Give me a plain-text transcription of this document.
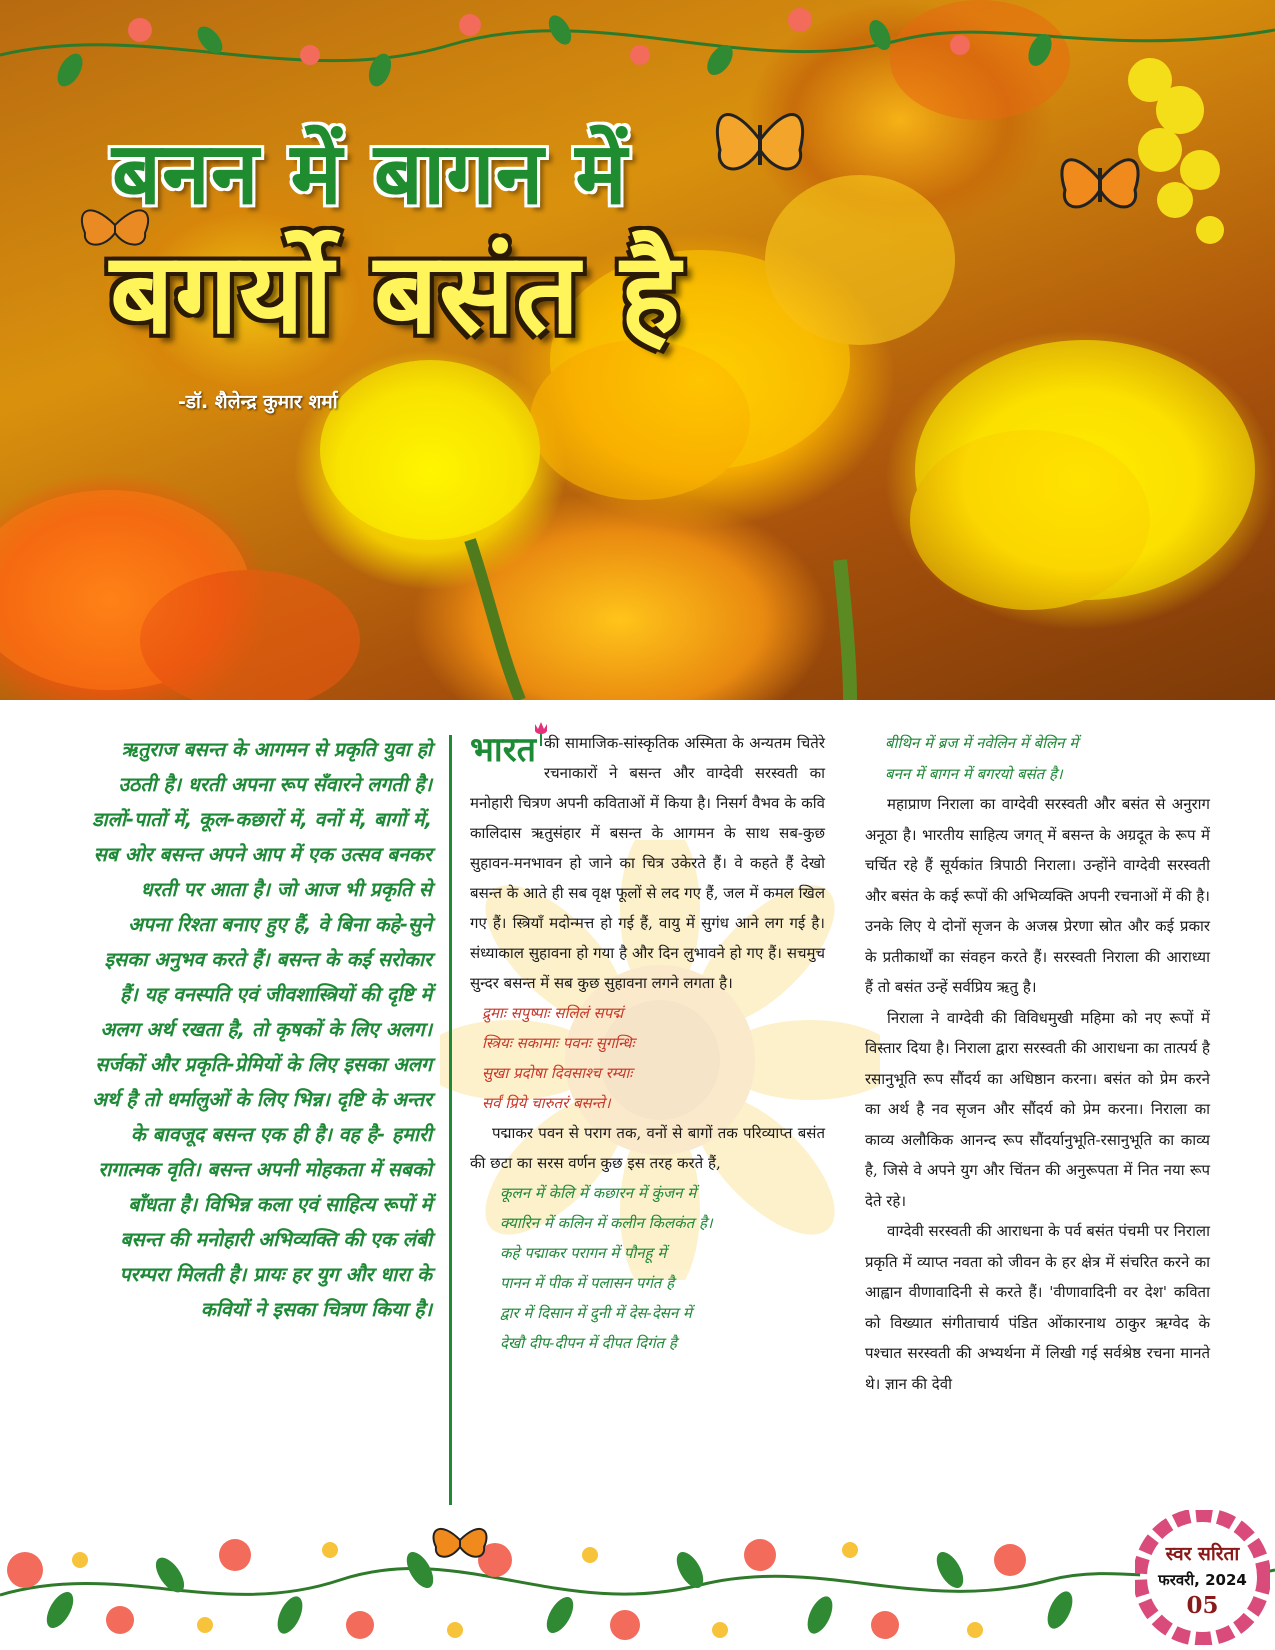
बनन में बागन में
बगर्यो बसंत है
-डॉ. शैलेन्द्र कुमार शर्मा
ऋतुराज बसन्त के आगमन से प्रकृति युवा हो उठती है। धरती अपना रूप सँवारने लगती है। डालों-पातों में, कूल-कछारों में, वनों में, बागों में, सब ओर बसन्त अपने आप में एक उत्सव बनकर धरती पर आता है। जो आज भी प्रकृति से अपना रिश्ता बनाए हुए हैं, वे बिना कहे-सुने इसका अनुभव करते हैं। बसन्त के कई सरोकार हैं। यह वनस्पति एवं जीवशास्त्रियों की दृष्टि में अलग अर्थ रखता है, तो कृषकों के लिए अलग। सर्जकों और प्रकृति-प्रेमियों के लिए इसका अलग अर्थ है तो धर्मालुओं के लिए भिन्न। दृष्टि के अन्तर के बावजूद बसन्त एक ही है। वह है- हमारी रागात्मक वृति। बसन्त अपनी मोहकता में सबको बाँधता है। विभिन्न कला एवं साहित्य रूपों में बसन्त की मनोहारी अभिव्यक्ति की एक लंबी परम्परा मिलती है। प्रायः हर युग और धारा के कवियों ने इसका चित्रण किया है।

भारत की सामाजिक-सांस्कृतिक अस्मिता के अन्यतम चितेरे रचनाकारों ने बसन्त और वाग्देवी सरस्वती का मनोहारी चित्रण अपनी कविताओं में किया है। निसर्ग वैभव के कवि कालिदास ऋतुसंहार में बसन्त के आगमन के साथ सब-कुछ सुहावन-मनभावन हो जाने का चित्र उकेरते हैं। वे कहते हैं देखो बसन्त के आते ही सब वृक्ष फूलों से लद गए हैं, जल में कमल खिल गए हैं। स्त्रियाँ मदोन्मत्त हो गई हैं, वायु में सुगंध आने लग गई है। संध्याकाल सुहावना हो गया है और दिन लुभावने हो गए हैं। सचमुच सुन्दर बसन्त में सब कुछ सुहावना लगने लगता है।

द्रुमाः सपुष्पाः सलिलं सपद्मं
स्त्रियः सकामाः पवनः सुगन्धिः
सुखा प्रदोषा दिवसाश्च रम्याः
सर्वं प्रिये चारुतरं बसन्ते।

पद्माकर पवन से पराग तक, वनों से बागों तक परिव्याप्त बसंत की छटा का सरस वर्णन कुछ इस तरह करते हैं,

कूलन में केलि में कछारन में कुंजन में
क्यारिन में कलिन में कलीन किलकंत है।
कहे पद्माकर परागन में पौनहू में
पानन में पीक में पलासन पगंत है
द्वार में दिसान में दुनी में देस-देसन में
देखौ दीप-दीपन में दीपत दिगंत है
बीथिन में ब्रज में नवेलिन में बेलिन में
बनन में बागन में बगरयो बसंत है।

महाप्राण निराला का वाग्देवी सरस्वती और बसंत से अनुराग अनूठा है। भारतीय साहित्य जगत् में बसन्त के अग्रदूत के रूप में चर्चित रहे हैं सूर्यकांत त्रिपाठी निराला। उन्होंने वाग्देवी सरस्वती और बसंत के कई रूपों की अभिव्यक्ति अपनी रचनाओं में की है। उनके लिए ये दोनों सृजन के अजस्र प्रेरणा स्रोत और कई प्रकार के प्रतीकार्थों का संवहन करते हैं। सरस्वती निराला की आराध्या हैं तो बसंत उन्हें सर्वप्रिय ऋतु है।

निराला ने वाग्देवी की विविधमुखी महिमा को नए रूपों में विस्तार दिया है। निराला द्वारा सरस्वती की आराधना का तात्पर्य है रसानुभूति रूप सौंदर्य का अधिष्ठान करना। बसंत को प्रेम करने का अर्थ है नव सृजन और सौंदर्य को प्रेम करना। निराला का काव्य अलौकिक आनन्द रूप सौंदर्यानुभूति-रसानुभूति का काव्य है, जिसे वे अपने युग और चिंतन की अनुरूपता में नित नया रूप देते रहे।

वाग्देवी सरस्वती की आराधना के पर्व बसंत पंचमी पर निराला प्रकृति में व्याप्त नवता को जीवन के हर क्षेत्र में संचरित करने का आह्वान वीणावादिनी से करते हैं। 'वीणावादिनी वर देश' कविता को विख्यात संगीताचार्य पंडित ओंकारनाथ ठाकुर ऋग्वेद के पश्चात सरस्वती की अभ्यर्थना में लिखी गई सर्वश्रेष्ठ रचना मानते थे। ज्ञान की देवी

स्वर सरिता
फरवरी, 2024
05
